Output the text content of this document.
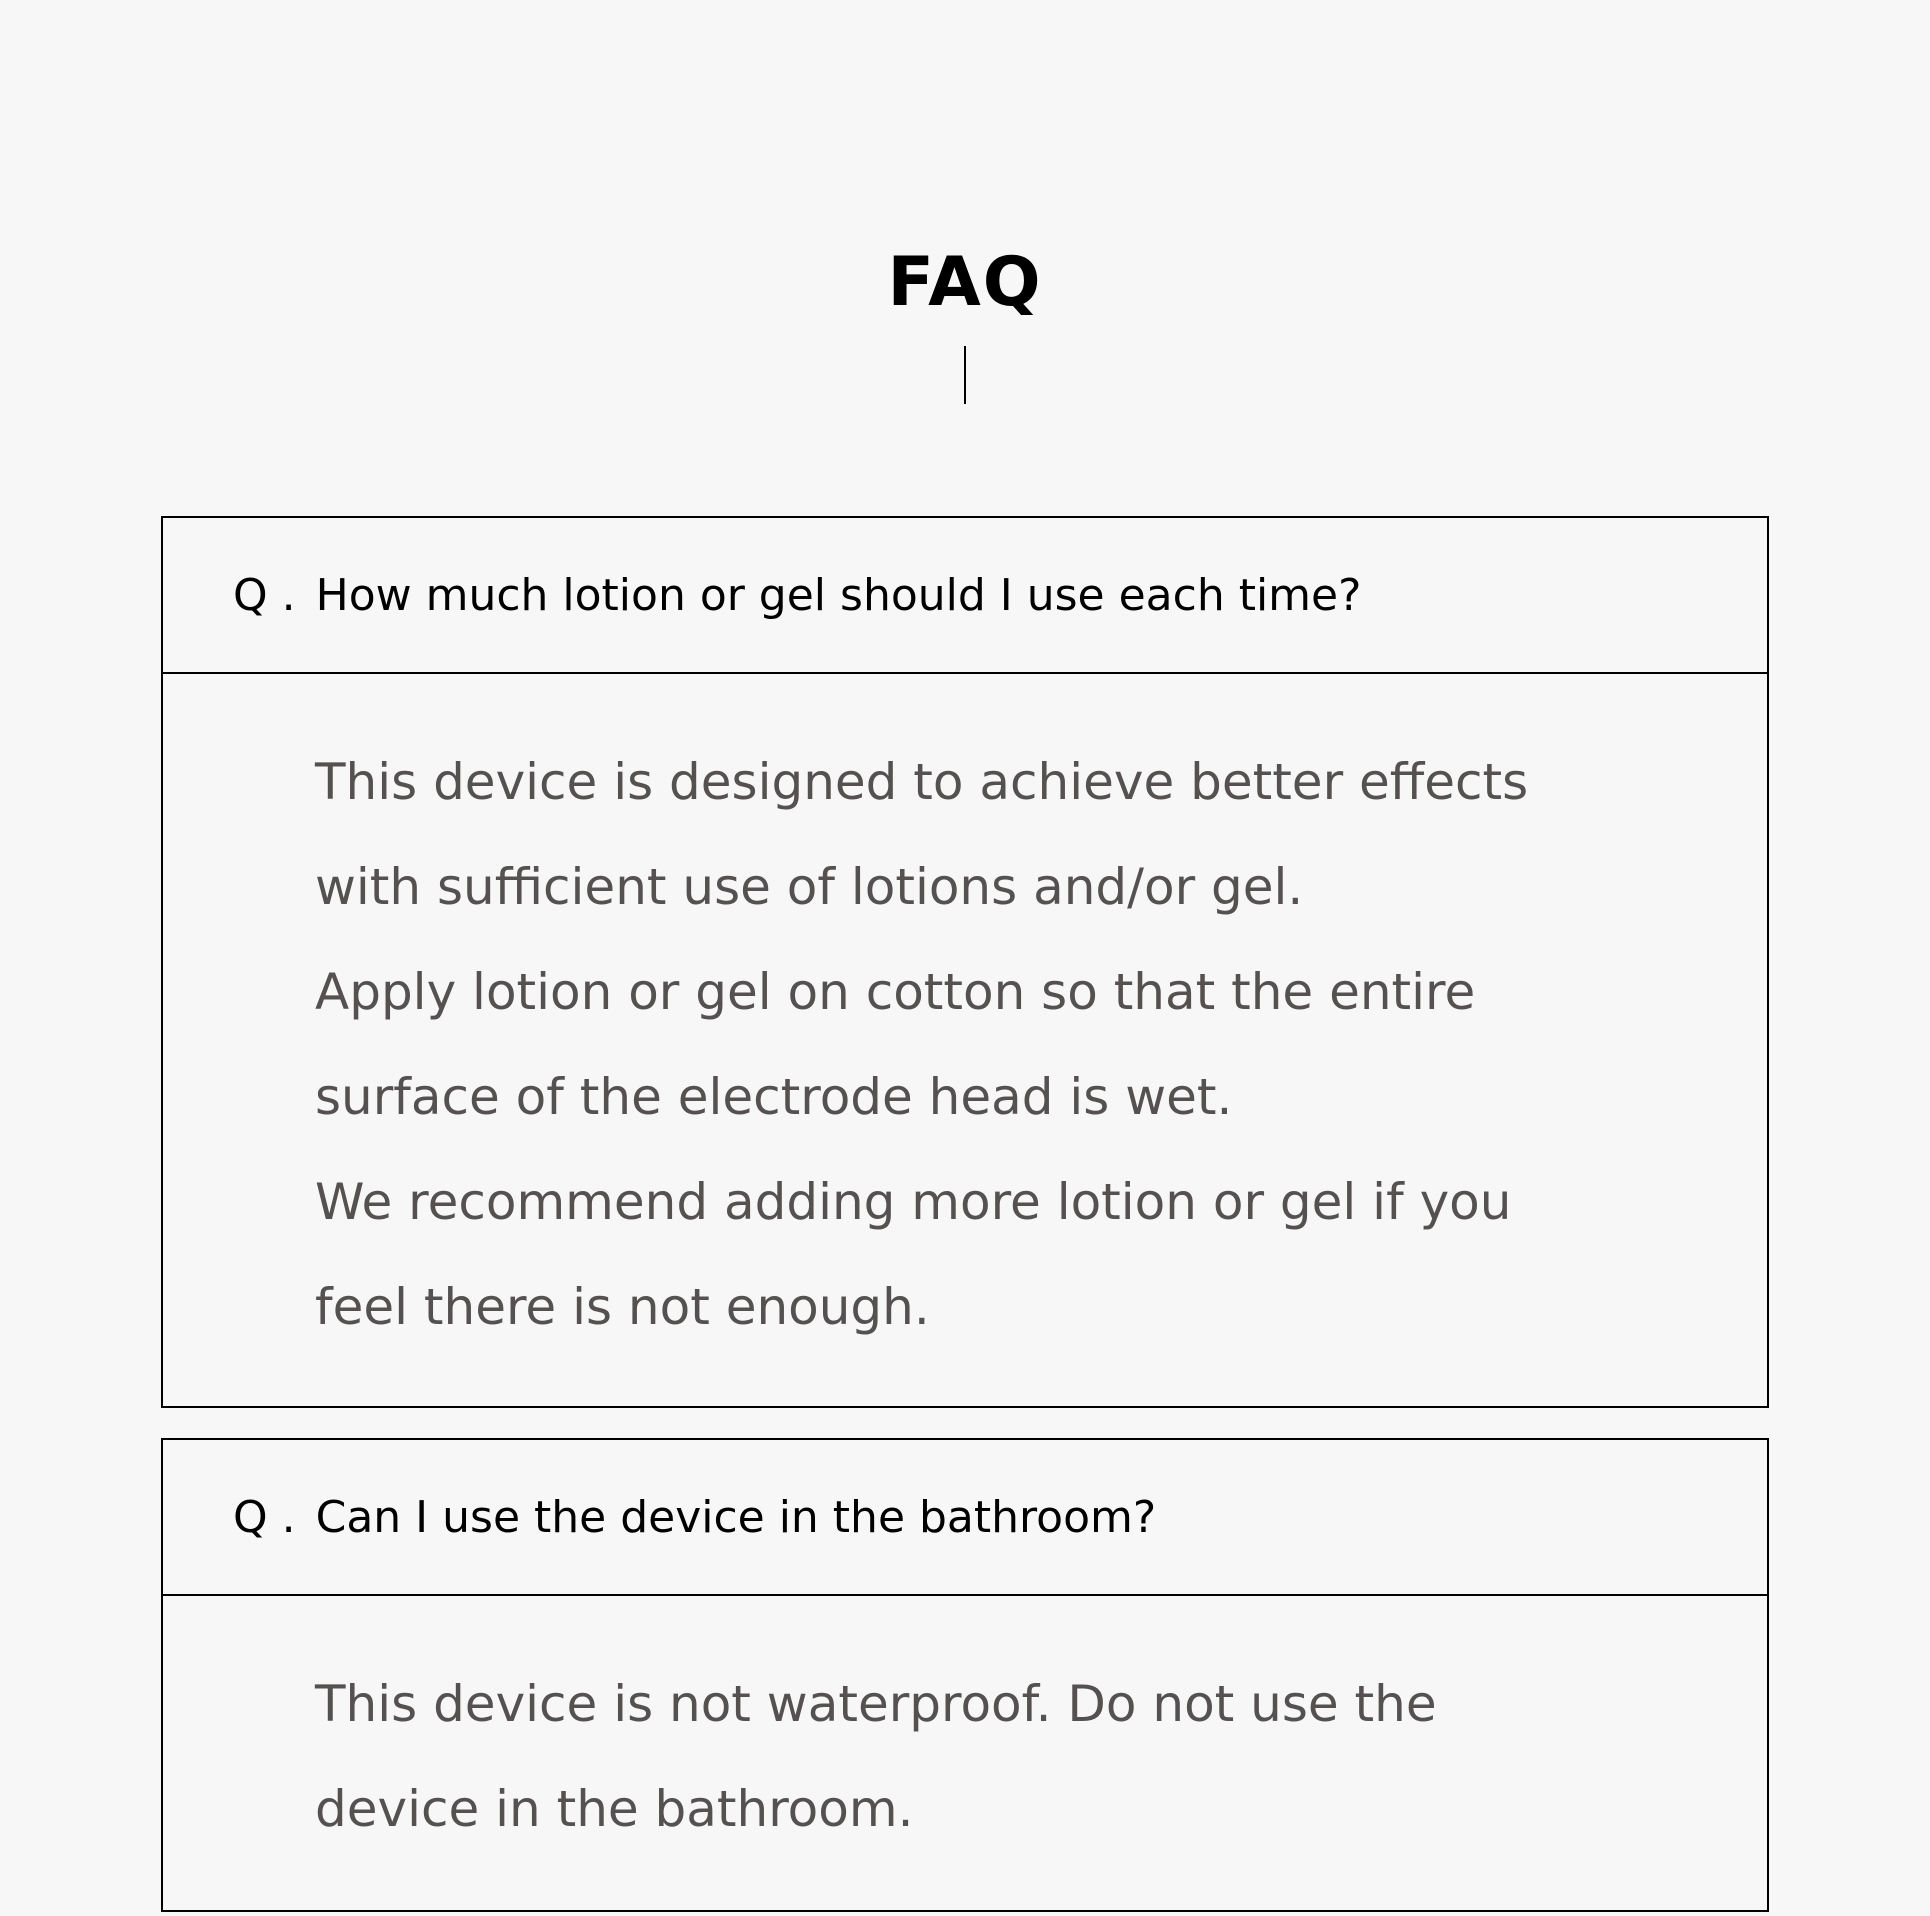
FAQ
Q . How much lotion or gel should I use each time?

This device is designed to achieve better effects

with sufficient use of lotions and/or gel.

Apply lotion or gel on cotton so that the entire

surface of the electrode head is wet.

We recommend adding more lotion or gel if you

feel there is not enough.

Q . Can I use the device in the bathroom?

This device is not waterproof. Do not use the

device in the bathroom.
